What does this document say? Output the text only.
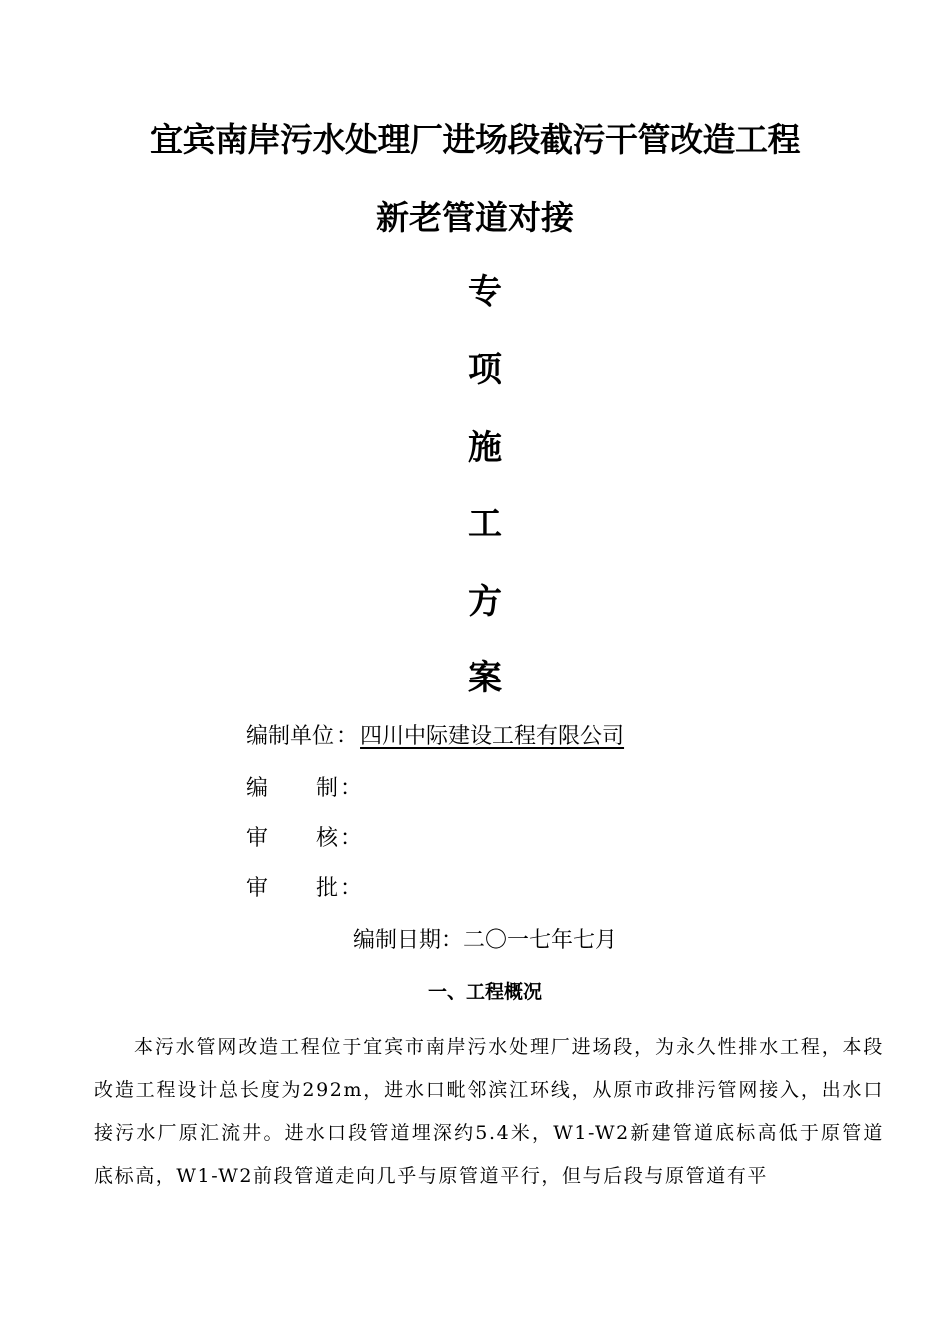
宜宾南岸污水处理厂进场段截污干管改造工程
新老管道对接
专
项
施
工
方
案
编制单位：四川中际建设工程有限公司
编 制：
审 核：
审 批：
编制日期：二〇一七年七月
一、工程概况
本污水管网改造工程位于宜宾市南岸污水处理厂进场段，为永久性排水工程，本段改造工程设计总长度为292m，进水口毗邻滨江环线，从原市政排污管网接入，出水口接污水厂原汇流井。进水口段管道埋深约5.4米，W1-W2新建管道底标高低于原管道底标高，W1-W2前段管道走向几乎与原管道平行，但与后段与原管道有平
